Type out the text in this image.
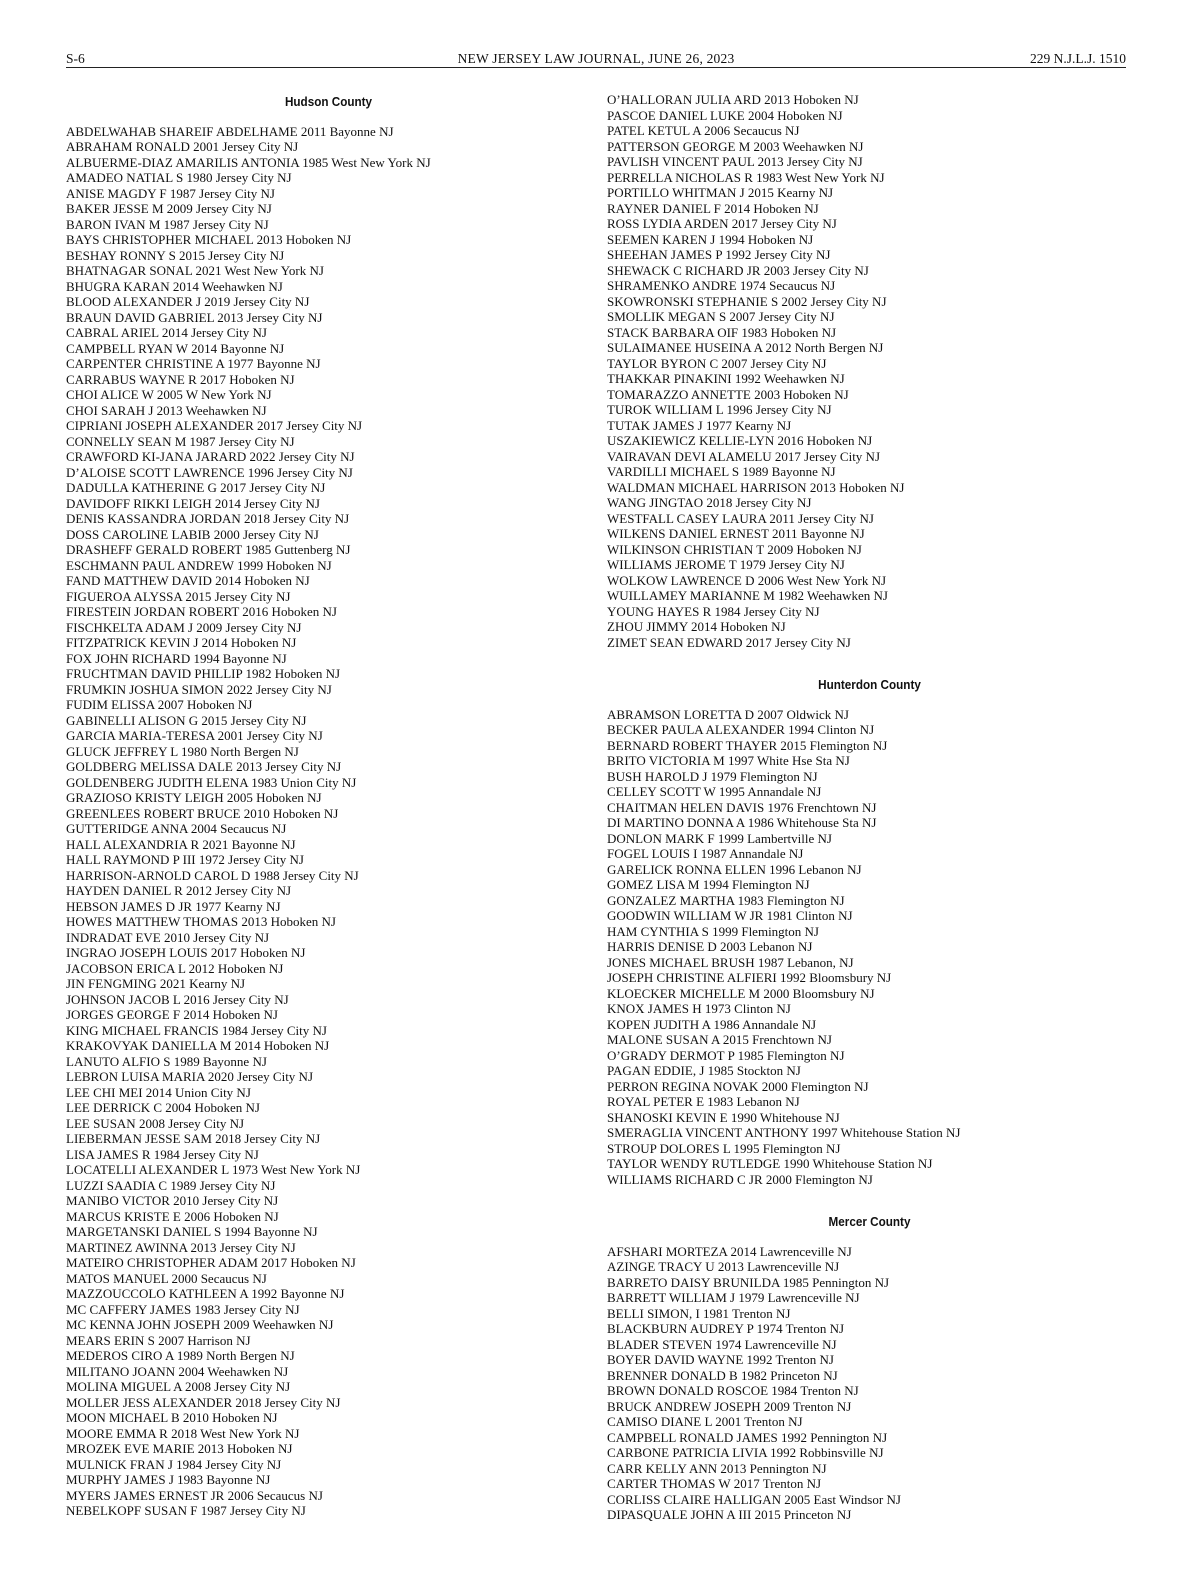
S-6	NEW JERSEY LAW JOURNAL, JUNE 26, 2023	229 N.J.L.J. 1510
Hudson County
ABDELWAHAB SHAREIF ABDELHAME 2011 Bayonne NJ
ABRAHAM RONALD 2001 Jersey City NJ
ALBUERME-DIAZ AMARILIS ANTONIA 1985 West New York NJ
AMADEO NATIAL S 1980 Jersey City NJ
ANISE MAGDY F 1987 Jersey City NJ
BAKER JESSE M 2009 Jersey City NJ
BARON IVAN M 1987 Jersey City NJ
BAYS CHRISTOPHER MICHAEL 2013 Hoboken NJ
BESHAY RONNY S 2015 Jersey City NJ
BHATNAGAR SONAL 2021 West New York NJ
BHUGRA KARAN 2014 Weehawken NJ
BLOOD ALEXANDER J 2019 Jersey City NJ
BRAUN DAVID GABRIEL 2013 Jersey City NJ
CABRAL ARIEL 2014 Jersey City NJ
CAMPBELL RYAN W 2014 Bayonne NJ
CARPENTER CHRISTINE A 1977 Bayonne NJ
CARRABUS WAYNE R 2017 Hoboken NJ
CHOI ALICE W 2005 W New York NJ
CHOI SARAH J 2013 Weehawken NJ
CIPRIANI JOSEPH ALEXANDER 2017 Jersey City NJ
CONNELLY SEAN M 1987 Jersey City NJ
CRAWFORD KI-JANA JARARD 2022 Jersey City NJ
D’ALOISE SCOTT LAWRENCE 1996 Jersey City NJ
DADULLA KATHERINE G 2017 Jersey City NJ
DAVIDOFF RIKKI LEIGH 2014 Jersey City NJ
DENIS KASSANDRA JORDAN 2018 Jersey City NJ
DOSS CAROLINE LABIB 2000 Jersey City NJ
DRASHEFF GERALD ROBERT 1985 Guttenberg NJ
ESCHMANN PAUL ANDREW 1999 Hoboken NJ
FAND MATTHEW DAVID 2014 Hoboken NJ
FIGUEROA ALYSSA 2015 Jersey City NJ
FIRESTEIN JORDAN ROBERT 2016 Hoboken NJ
FISCHKELTA ADAM J 2009 Jersey City NJ
FITZPATRICK KEVIN J 2014 Hoboken NJ
FOX JOHN RICHARD 1994 Bayonne NJ
FRUCHTMAN DAVID PHILLIP 1982 Hoboken NJ
FRUMKIN JOSHUA SIMON 2022 Jersey City NJ
FUDIM ELISSA 2007 Hoboken NJ
GABINELLI ALISON G 2015 Jersey City NJ
GARCIA MARIA-TERESA 2001 Jersey City NJ
GLUCK JEFFREY L 1980 North Bergen NJ
GOLDBERG MELISSA DALE 2013 Jersey City NJ
GOLDENBERG JUDITH ELENA 1983 Union City NJ
GRAZIOSO KRISTY LEIGH 2005 Hoboken NJ
GREENLEES ROBERT BRUCE 2010 Hoboken NJ
GUTTERIDGE ANNA 2004 Secaucus NJ
HALL ALEXANDRIA R 2021 Bayonne NJ
HALL RAYMOND P III 1972 Jersey City NJ
HARRISON-ARNOLD CAROL D 1988 Jersey City NJ
HAYDEN DANIEL R 2012 Jersey City NJ
HEBSON JAMES D JR 1977 Kearny NJ
HOWES MATTHEW THOMAS 2013 Hoboken NJ
INDRADAT EVE 2010 Jersey City NJ
INGRAO JOSEPH LOUIS 2017 Hoboken NJ
JACOBSON ERICA L 2012 Hoboken NJ
JIN FENGMING 2021 Kearny NJ
JOHNSON JACOB L 2016 Jersey City NJ
JORGES GEORGE F 2014 Hoboken NJ
KING MICHAEL FRANCIS 1984 Jersey City NJ
KRAKOVYAK DANIELLA M 2014 Hoboken NJ
LANUTO ALFIO S 1989 Bayonne NJ
LEBRON LUISA MARIA 2020 Jersey City NJ
LEE CHI MEI 2014 Union City NJ
LEE DERRICK C 2004 Hoboken NJ
LEE SUSAN 2008 Jersey City NJ
LIEBERMAN JESSE SAM 2018 Jersey City NJ
LISA JAMES R 1984 Jersey City NJ
LOCATELLI ALEXANDER L 1973 West New York NJ
LUZZI SAADIA C 1989 Jersey City NJ
MANIBO VICTOR 2010 Jersey City NJ
MARCUS KRISTE E 2006 Hoboken NJ
MARGETANSKI DANIEL S 1994 Bayonne NJ
MARTINEZ AWINNA 2013 Jersey City NJ
MATEIRO CHRISTOPHER ADAM 2017 Hoboken NJ
MATOS MANUEL 2000 Secaucus NJ
MAZZOUCCOLO KATHLEEN A 1992 Bayonne NJ
MC CAFFERY JAMES 1983 Jersey City NJ
MC KENNA JOHN JOSEPH 2009 Weehawken NJ
MEARS ERIN S 2007 Harrison NJ
MEDEROS CIRO A 1989 North Bergen NJ
MILITANO JOANN 2004 Weehawken NJ
MOLINA MIGUEL A 2008 Jersey City NJ
MOLLER JESS ALEXANDER 2018 Jersey City NJ
MOON MICHAEL B 2010 Hoboken NJ
MOORE EMMA R 2018 West New York NJ
MROZEK EVE MARIE 2013 Hoboken NJ
MULNICK FRAN J 1984 Jersey City NJ
MURPHY JAMES J 1983 Bayonne NJ
MYERS JAMES ERNEST JR 2006 Secaucus NJ
NEBELKOPF SUSAN F 1987 Jersey City NJ
O’HALLORAN JULIA ARD 2013 Hoboken NJ
PASCOE DANIEL LUKE 2004 Hoboken NJ
PATEL KETUL A 2006 Secaucus NJ
PATTERSON GEORGE M 2003 Weehawken NJ
PAVLISH VINCENT PAUL 2013 Jersey City NJ
PERRELLA NICHOLAS R 1983 West New York NJ
PORTILLO WHITMAN J 2015 Kearny NJ
RAYNER DANIEL F 2014 Hoboken NJ
ROSS LYDIA ARDEN 2017 Jersey City NJ
SEEMEN KAREN J 1994 Hoboken NJ
SHEEHAN JAMES P 1992 Jersey City NJ
SHEWACK C RICHARD JR 2003 Jersey City NJ
SHRAMENKO ANDRE 1974 Secaucus NJ
SKOWRONSKI STEPHANIE S 2002 Jersey City NJ
SMOLLIK MEGAN S 2007 Jersey City NJ
STACK BARBARA OIF 1983 Hoboken NJ
SULAIMANEE HUSEINA A 2012 North Bergen NJ
TAYLOR BYRON C 2007 Jersey City NJ
THAKKAR PINAKINI 1992 Weehawken NJ
TOMARAZZO ANNETTE 2003 Hoboken NJ
TUROK WILLIAM L 1996 Jersey City NJ
TUTAK JAMES J 1977 Kearny NJ
USZAKIEWICZ KELLIE-LYN 2016 Hoboken NJ
VAIRAVAN DEVI ALAMELU 2017 Jersey City NJ
VARDILLI MICHAEL S 1989 Bayonne NJ
WALDMAN MICHAEL HARRISON 2013 Hoboken NJ
WANG JINGTAO 2018 Jersey City NJ
WESTFALL CASEY LAURA 2011 Jersey City NJ
WILKENS DANIEL ERNEST 2011 Bayonne NJ
WILKINSON CHRISTIAN T 2009 Hoboken NJ
WILLIAMS JEROME T 1979 Jersey City NJ
WOLKOW LAWRENCE D 2006 West New York NJ
WUILLAMEY MARIANNE M 1982 Weehawken NJ
YOUNG HAYES R 1984 Jersey City NJ
ZHOU JIMMY 2014 Hoboken NJ
ZIMET SEAN EDWARD 2017 Jersey City NJ
Hunterdon County
ABRAMSON LORETTA D 2007 Oldwick NJ
BECKER PAULA ALEXANDER 1994 Clinton NJ
BERNARD ROBERT THAYER 2015 Flemington NJ
BRITO VICTORIA M 1997 White Hse Sta NJ
BUSH HAROLD J 1979 Flemington NJ
CELLEY SCOTT W 1995 Annandale NJ
CHAITMAN HELEN DAVIS 1976 Frenchtown NJ
DI MARTINO DONNA A 1986 Whitehouse Sta NJ
DONLON MARK F 1999 Lambertville NJ
FOGEL LOUIS I 1987 Annandale NJ
GARELICK RONNA ELLEN 1996 Lebanon NJ
GOMEZ LISA M 1994 Flemington NJ
GONZALEZ MARTHA 1983 Flemington NJ
GOODWIN WILLIAM W JR 1981 Clinton NJ
HAM CYNTHIA S 1999 Flemington NJ
HARRIS DENISE D 2003 Lebanon NJ
JONES MICHAEL BRUSH 1987 Lebanon, NJ
JOSEPH CHRISTINE ALFIERI 1992 Bloomsbury NJ
KLOECKER MICHELLE M 2000 Bloomsbury NJ
KNOX JAMES H 1973 Clinton NJ
KOPEN JUDITH A 1986 Annandale NJ
MALONE SUSAN A 2015 Frenchtown NJ
O’GRADY DERMOT P 1985 Flemington NJ
PAGAN EDDIE, J 1985 Stockton NJ
PERRON REGINA NOVAK 2000 Flemington NJ
ROYAL PETER E 1983 Lebanon NJ
SHANOSKI KEVIN E 1990 Whitehouse NJ
SMERAGLIA VINCENT ANTHONY 1997 Whitehouse Station NJ
STROUP DOLORES L 1995 Flemington NJ
TAYLOR WENDY RUTLEDGE 1990 Whitehouse Station NJ
WILLIAMS RICHARD C JR 2000 Flemington NJ
Mercer County
AFSHARI MORTEZA 2014 Lawrenceville NJ
AZINGE TRACY U 2013 Lawrenceville NJ
BARRETO DAISY BRUNILDA 1985 Pennington NJ
BARRETT WILLIAM J 1979 Lawrenceville NJ
BELLI SIMON, I 1981 Trenton NJ
BLACKBURN AUDREY P 1974 Trenton NJ
BLADER STEVEN 1974 Lawrenceville NJ
BOYER DAVID WAYNE 1992 Trenton NJ
BRENNER DONALD B 1982 Princeton NJ
BROWN DONALD ROSCOE 1984 Trenton NJ
BRUCK ANDREW JOSEPH 2009 Trenton NJ
CAMISO DIANE L 2001 Trenton NJ
CAMPBELL RONALD JAMES 1992 Pennington NJ
CARBONE PATRICIA LIVIA 1992 Robbinsville NJ
CARR KELLY ANN 2013 Pennington NJ
CARTER THOMAS W 2017 Trenton NJ
CORLISS CLAIRE HALLIGAN 2005 East Windsor NJ
DIPASQUALE JOHN A III 2015 Princeton NJ
